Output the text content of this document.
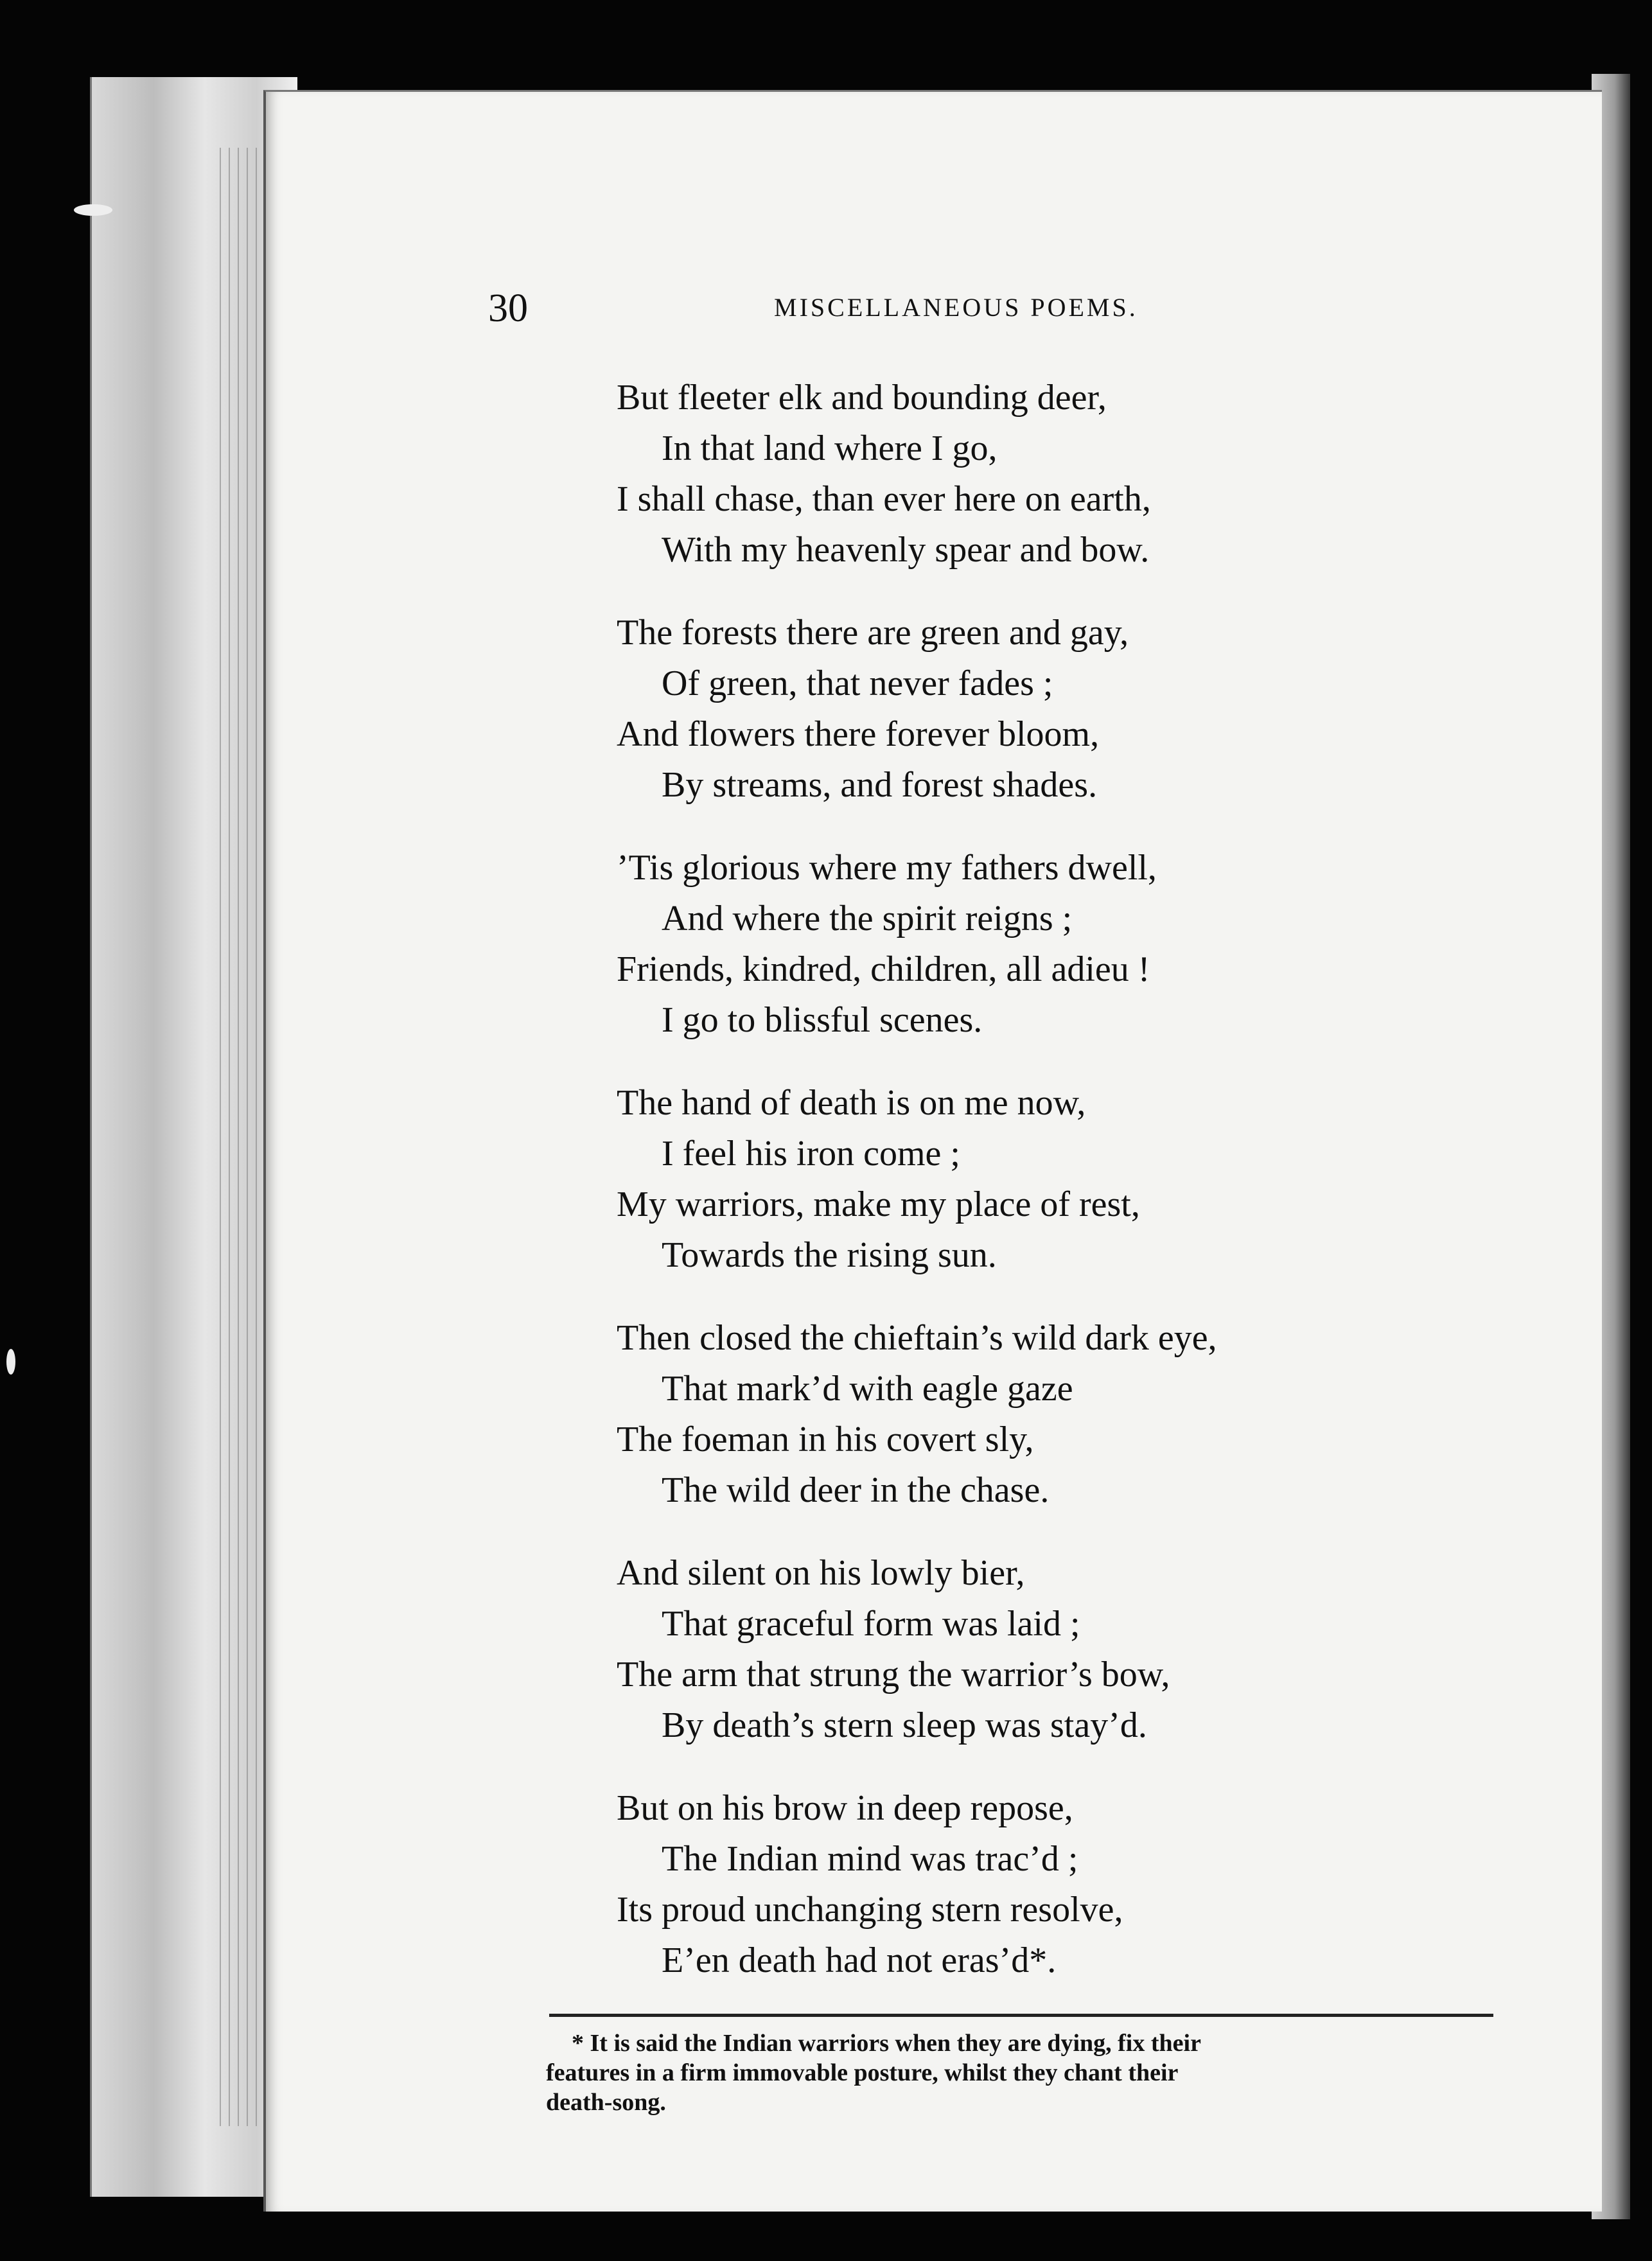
30	MISCELLANEOUS POEMS.
But fleeter elk and bounding deer,
In that land where I go,
I shall chase, than ever here on earth,
With my heavenly spear and bow.
The forests there are green and gay,
Of green, that never fades ;
And flowers there forever bloom,
By streams, and forest shades.
’Tis glorious where my fathers dwell,
And where the spirit reigns ;
Friends, kindred, children, all adieu !
I go to blissful scenes.
The hand of death is on me now,
I feel his iron come ;
My warriors, make my place of rest,
Towards the rising sun.
Then closed the chieftain’s wild dark eye,
That mark’d with eagle gaze
The foeman in his covert sly,
The wild deer in the chase.
And silent on his lowly bier,
That graceful form was laid ;
The arm that strung the warrior’s bow,
By death’s stern sleep was stay’d.
But on his brow in deep repose,
The Indian mind was trac’d ;
Its proud unchanging stern resolve,
E’en death had not eras’d*.
* It is said the Indian warriors when they are dying, fix their
features in a firm immovable posture, whilst they chant their
death-song.
